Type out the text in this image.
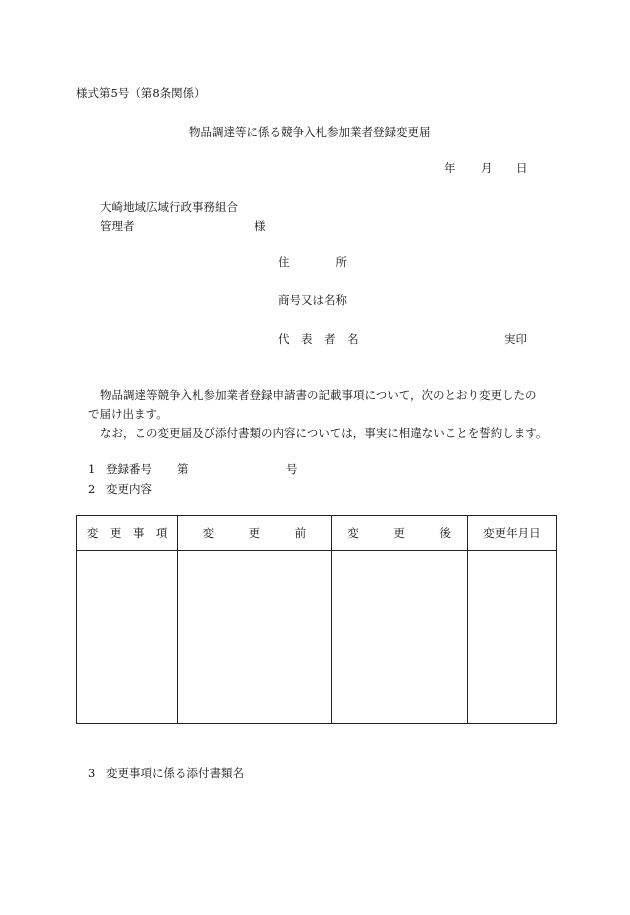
様式第5号（第8条関係）
物品調達等に係る競争入札参加業者登録変更届
年 月 日
大崎地域広域行政事務組合
管理者	様
住　　　　所
商号又は名称
代　表　者　名	実印
物品調達等競争入札参加業者登録申請書の記載事項について，次のとおり変更したの
で届け出ます。
なお，この変更届及び添付書類の内容については，事実に相違ないことを誓約します。
1 登録番号 第	号
2 変更内容
変　更　事　項	変　　　更　　　前	変　　　更　　　後	変更年月日

3 変更事項に係る添付書類名
